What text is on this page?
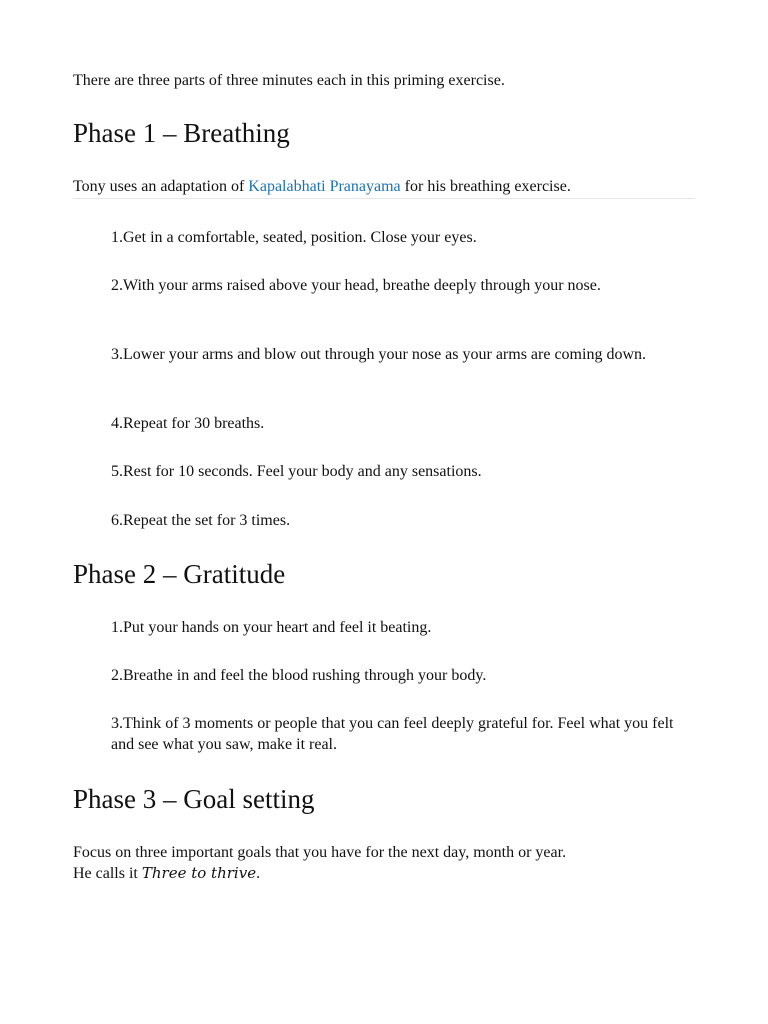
There are three parts of three minutes each in this priming exercise.

Phase 1 – Breathing

Tony uses an adaptation of Kapalabhati Pranayama for his breathing exercise.

1.Get in a comfortable, seated, position. Close your eyes.

2.With your arms raised above your head, breathe deeply through your nose.

3.Lower your arms and blow out through your nose as your arms are coming down.

4.Repeat for 30 breaths.

5.Rest for 10 seconds. Feel your body and any sensations.

6.Repeat the set for 3 times.

Phase 2 – Gratitude

1.Put your hands on your heart and feel it beating.

2.Breathe in and feel the blood rushing through your body.

3.Think of 3 moments or people that you can feel deeply grateful for. Feel what you felt and see what you saw, make it real.

Phase 3 – Goal setting

Focus on three important goals that you have for the next day, month or year.
He calls it Three to thrive.
